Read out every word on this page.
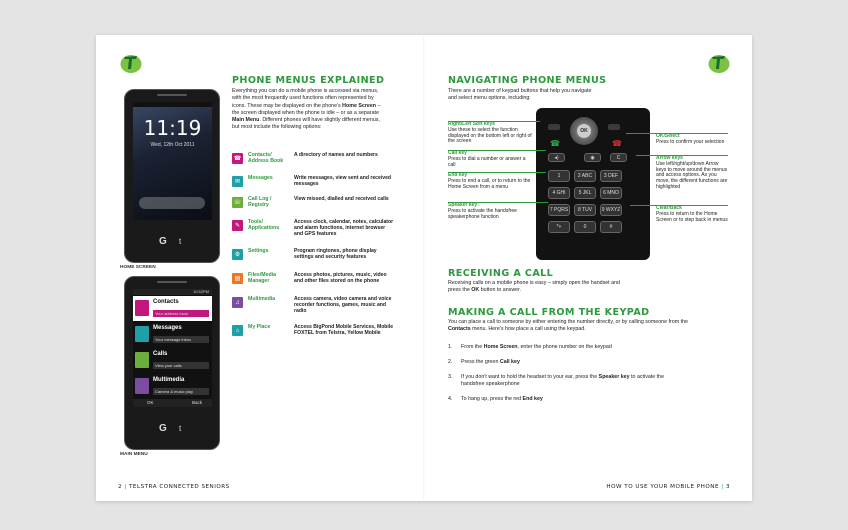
PHONE MENUS EXPLAINED
Everything you can do a mobile phone is accessed via menus, with the most frequently used functions often represented by icons. These may be displayed on the phone's Home Screen – the screen displayed when the phone is idle – or as a separate Main Menu. Different phones will have slightly different menus, but most include the following options:
11:19
Wed, 12th Oct 2011
G t
HOME SCREEN
10:52PM
Contacts
Your address book
Messages
Your message inbox
Calls
View your calls
Multimedia
Camera & music play
OK	Back
G t
MAIN MENU
☎
Contacts/ Address Book
A directory of names and numbers
✉
Messages	Write messages, view sent and received messages
☏
Call Log / Registry
View missed, dialled and received calls
✎
Tools/ Applications
Access clock, calendar, notes, calculator and alarm functions, internet browser and GPS features
⚙
Settings	Program ringtones, phone display settings and security features
▤
Files/Media Manager
Access photos, pictures, music, video and other files stored on the phone
♫
Multimedia	Access camera, video camera and voice recorder functions, games, music and radio
⌂
My Place	Access BigPond Mobile Services, Mobile FOXTEL from Telstra, Yellow Mobile
2 | TELSTRA CONNECTED SENIORS
NAVIGATING PHONE MENUS
There are a number of keypad buttons that help you navigate and select menu options, including:
OK
☎	☎
◂)	◉	C
1	2 ABC	3 DEF
4 GHI	5 JKL	6 MNO
7 PQRS	8 TUV	9 WXYZ
*+	0	#
Right/Left Soft keys
Use these to select the function displayed on the bottom left or right of the screen
Call key
Press to dial a number or answer a call
End key
Press to end a call, or to return to the Home Screen from a menu
Speaker key:
Press to activate the handsfree speakerphone function
OK/Select
Press to confirm your selection
Arrow keys
Use left/right/up/down Arrow keys to move around the menus and access options. As you move, the different functions are highlighted
Clear/Back
Press to return to the Home Screen or to step back in menus
RECEIVING A CALL
Receiving calls on a mobile phone is easy – simply open the handset and press the OK button to answer.
MAKING A CALL FROM THE KEYPAD
You can place a call to someone by either entering the number directly, or by calling someone from the Contacts menu. Here's how place a call using the keypad.
1. From the Home Screen, enter the phone number on the keypad
2. Press the green Call key
3. If you don't want to hold the headset to your ear, press the Speaker key to activate the handsfree speakerphone
4. To hang up, press the red End key
HOW TO USE YOUR MOBILE PHONE | 3
